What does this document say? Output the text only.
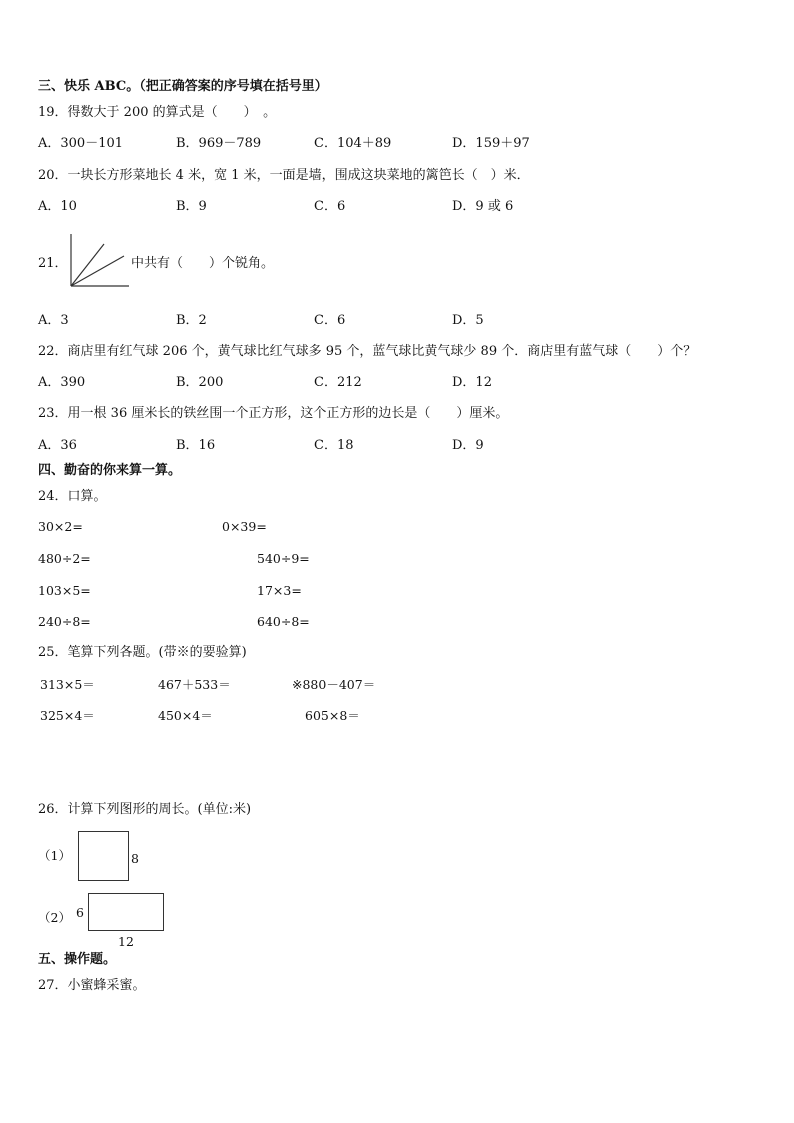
三、快乐 ABC。（把正确答案的序号填在括号里）
19．得数大于 200 的算式是（　　）　。
A．300－101	B．969－789	C．104＋89	D．159＋97
20．一块长方形菜地长 4 米，宽 1 米，一面是墙，围成这块菜地的篱笆长（　）米．
A．10	B．9	C．6	D．9 或 6
21．	中共有（　　）个锐角。
A．3	B．2	C．6	D．5
22．商店里有红气球 206 个，黄气球比红气球多 95 个，蓝气球比黄气球少 89 个．商店里有蓝气球（　　）个？
A．390	B．200	C．212	D．12
23．用一根 36 厘米长的铁丝围一个正方形，这个正方形的边长是（　　）厘米。
A．36	B．16	C．18	D．9
四、勤奋的你来算一算。
24．口算。
30×2=	0×39=
480÷2=	540÷9=
103×5=	17×3=
240÷8=	640÷8=
25．笔算下列各题。(带※的要验算)
313×5＝	467＋533＝	※880－407＝
325×4＝	450×4＝	605×8＝
26．计算下列图形的周长。(单位:米)
（1）	8
（2） 6
12
五、操作题。
27．小蜜蜂采蜜。
